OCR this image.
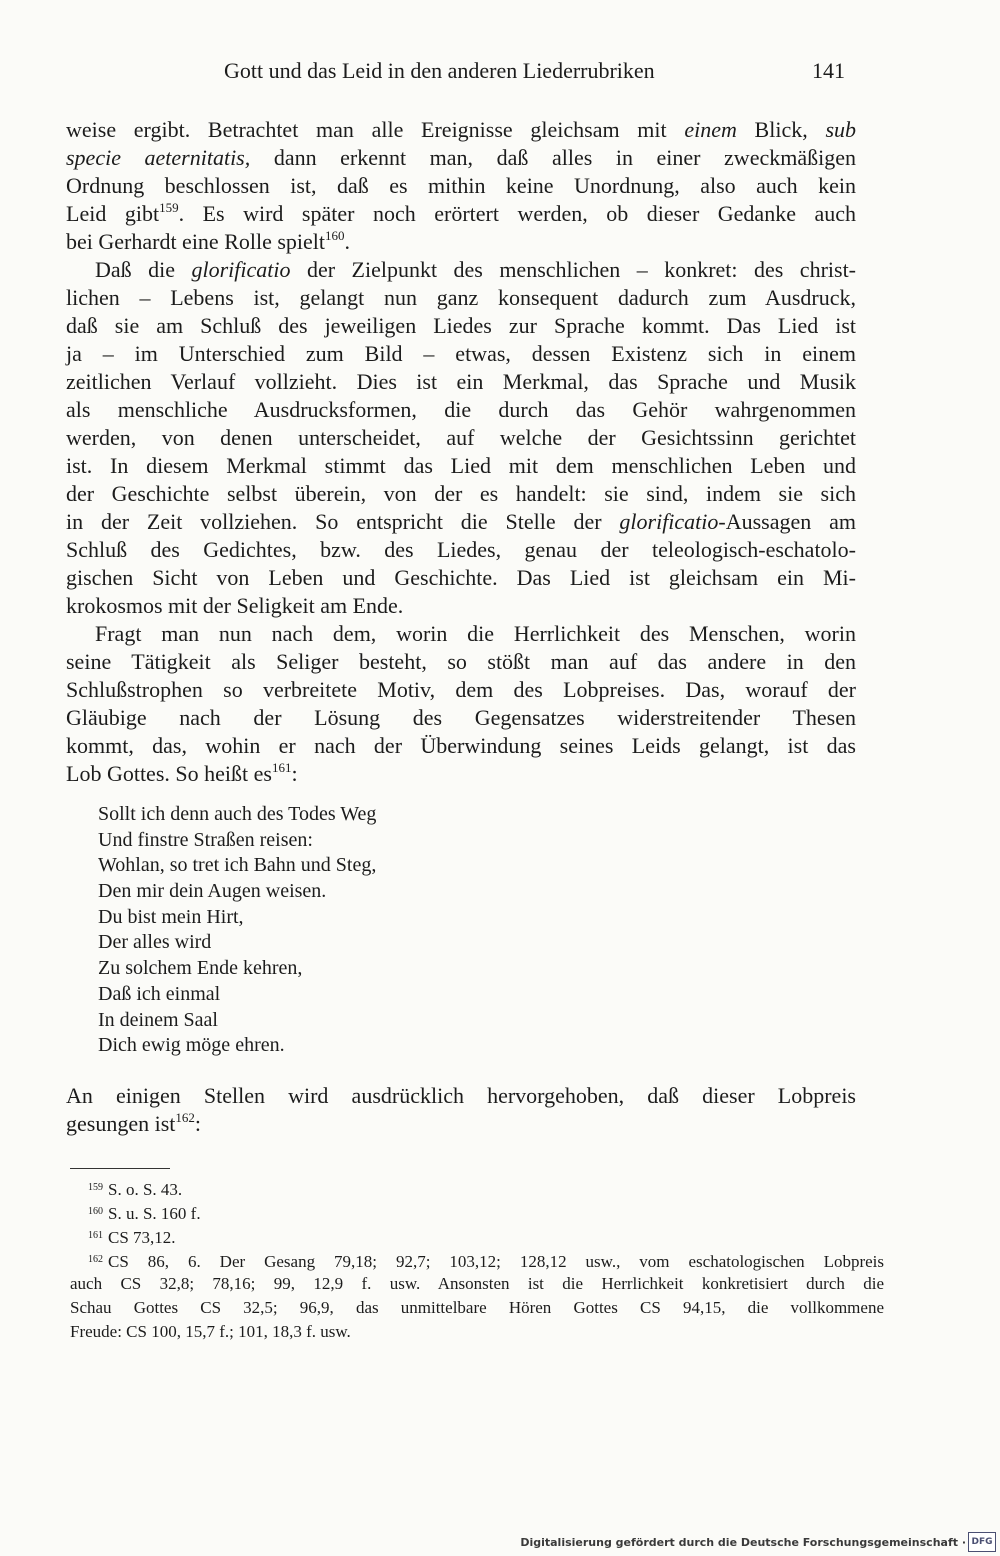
Gott und das Leid in den anderen Liederrubriken	141
weise ergibt. Betrachtet man alle Ereignisse gleichsam mit einem Blick, sub
specie aeternitatis, dann erkennt man, daß alles in einer zweckmäßigen
Ordnung beschlossen ist, daß es mithin keine Unordnung, also auch kein
Leid gibt$^{159}$. Es wird später noch erörtert werden, ob dieser Gedanke auch
bei Gerhardt eine Rolle spielt$^{160}$.
Daß die glorificatio der Zielpunkt des menschlichen – konkret: des christ-
lichen – Lebens ist, gelangt nun ganz konsequent dadurch zum Ausdruck,
daß sie am Schluß des jeweiligen Liedes zur Sprache kommt. Das Lied ist
ja – im Unterschied zum Bild – etwas, dessen Existenz sich in einem
zeitlichen Verlauf vollzieht. Dies ist ein Merkmal, das Sprache und Musik
als menschliche Ausdrucksformen, die durch das Gehör wahrgenommen
werden, von denen unterscheidet, auf welche der Gesichtssinn gerichtet
ist. In diesem Merkmal stimmt das Lied mit dem menschlichen Leben und
der Geschichte selbst überein, von der es handelt: sie sind, indem sie sich
in der Zeit vollziehen. So entspricht die Stelle der glorificatio-Aussagen am
Schluß des Gedichtes, bzw. des Liedes, genau der teleologisch-eschatolo-
gischen Sicht von Leben und Geschichte. Das Lied ist gleichsam ein Mi-
krokosmos mit der Seligkeit am Ende.
Fragt man nun nach dem, worin die Herrlichkeit des Menschen, worin
seine Tätigkeit als Seliger besteht, so stößt man auf das andere in den
Schlußstrophen so verbreitete Motiv, dem des Lobpreises. Das, worauf der
Gläubige nach der Lösung des Gegensatzes widerstreitender Thesen
kommt, das, wohin er nach der Überwindung seines Leids gelangt, ist das
Lob Gottes. So heißt $es^{161}$:
Sollt ich denn auch des Todes Weg
Und finstre Straßen reisen:
Wohlan, so tret ich Bahn und Steg,
Den mir dein Augen weisen.
Du bist mein Hirt,
Der alles wird
Zu solchem Ende kehren,
Daß ich einmal
In deinem Saal
Dich ewig möge ehren.
An einigen Stellen wird ausdrücklich hervorgehoben, daß dieser Lobpreis
gesungen ist$^{162}$:
$^{159}$ S. o. S. 43.
$^{160}$ S. u. S. 160 f.
$^{161}$ CS 73,12.
$^{162}$ CS 86, 6. Der Gesang 79,18; 92,7; 103,12; 128,12 usw., vom eschatologischen Lobpreis
auch CS 32,8; 78,16; 99, 12,9 f. usw. Ansonsten ist die Herrlichkeit konkretisiert durch die
Schau Gottes CS 32,5; 96,9, das unmittelbare Hören Gottes CS 94,15, die vollkommene
Freude: CS 100, 15,7 f.; 101, 18,3 f. usw.
Digitalisierung gefördert durch die Deutsche Forschungsgemeinschaft · DFG
